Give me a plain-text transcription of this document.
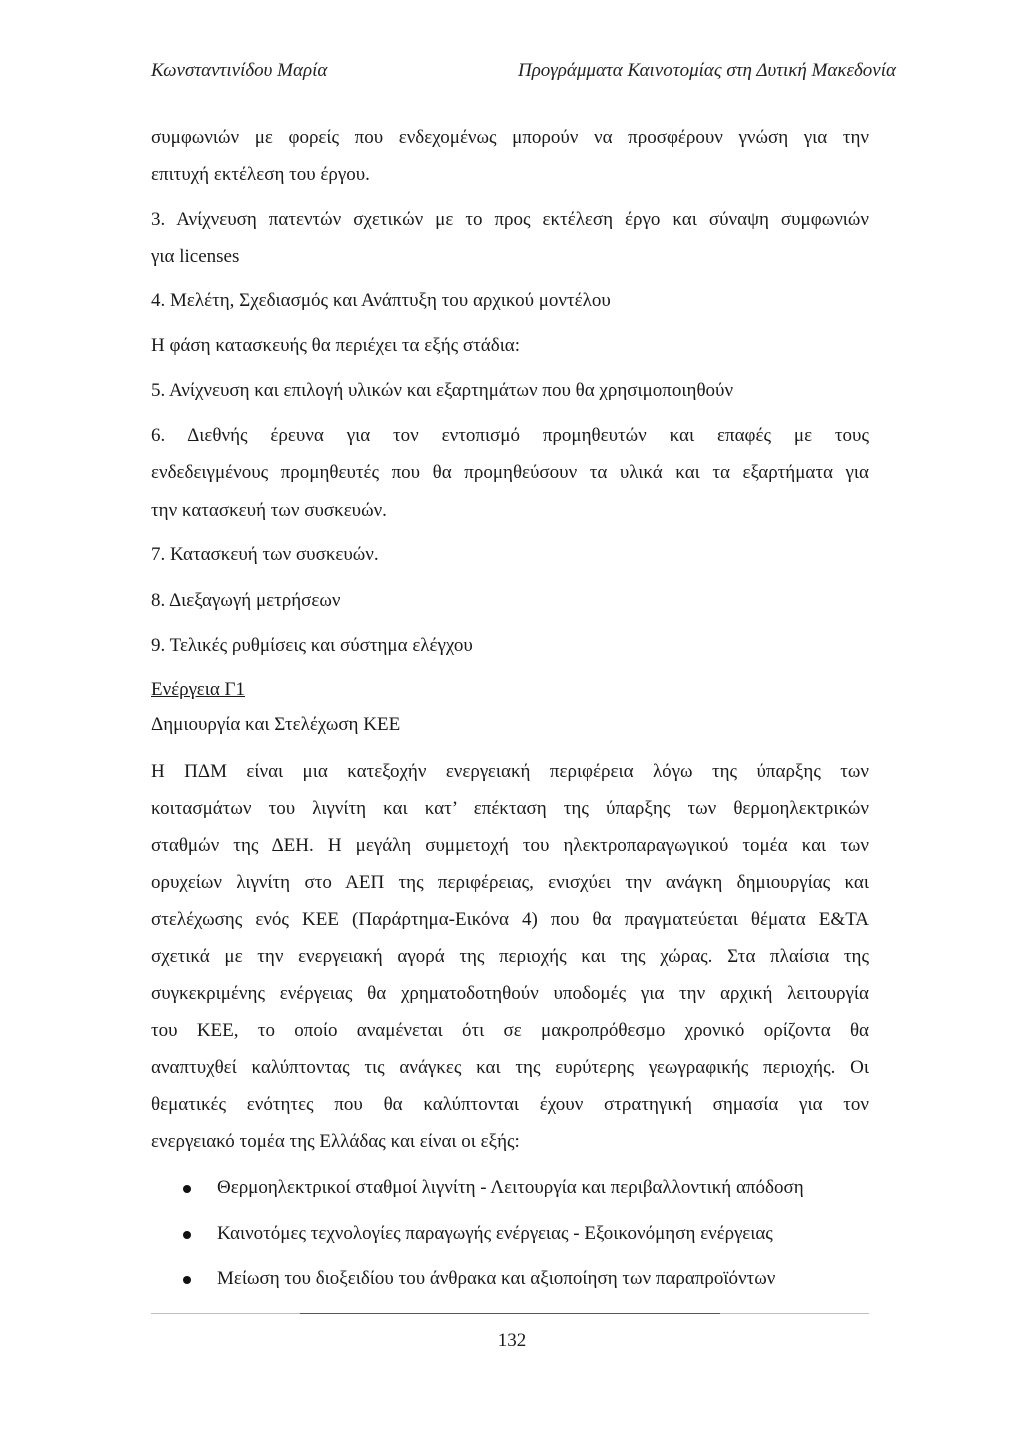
Κωνσταντινίδου Μαρία	Προγράμματα Καινοτομίας στη Δυτική Μακεδονία
συμφωνιών με φορείς που ενδεχομένως μπορούν να προσφέρουν γνώση για την
επιτυχή εκτέλεση του έργου.
3. Ανίχνευση πατεντών σχετικών με το προς εκτέλεση έργο και σύναψη συμφωνιών
για licenses
4. Μελέτη, Σχεδιασμός και Ανάπτυξη του αρχικού μοντέλου
Η φάση κατασκευής θα περιέχει τα εξής στάδια:
5. Ανίχνευση και επιλογή υλικών και εξαρτημάτων που θα χρησιμοποιηθούν
6. Διεθνής έρευνα για τον εντοπισμό προμηθευτών και επαφές με τους
ενδεδειγμένους προμηθευτές που θα προμηθεύσουν τα υλικά και τα εξαρτήματα για
την κατασκευή των συσκευών.
7. Κατασκευή των συσκευών.
8. Διεξαγωγή μετρήσεων
9. Τελικές ρυθμίσεις και σύστημα ελέγχου
Ενέργεια Γ1
Δημιουργία και Στελέχωση ΚΕΕ
Η ΠΔΜ είναι μια κατεξοχήν ενεργειακή περιφέρεια λόγω της ύπαρξης των
κοιτασμάτων του λιγνίτη και κατ’ επέκταση της ύπαρξης των θερμοηλεκτρικών
σταθμών της ΔΕΗ. Η μεγάλη συμμετοχή του ηλεκτροπαραγωγικού τομέα και των
ορυχείων λιγνίτη στο ΑΕΠ της περιφέρειας, ενισχύει την ανάγκη δημιουργίας και
στελέχωσης ενός ΚΕΕ (Παράρτημα-Εικόνα 4) που θα πραγματεύεται θέματα Ε&ΤΑ
σχετικά με την ενεργειακή αγορά της περιοχής και της χώρας. Στα πλαίσια της
συγκεκριμένης ενέργειας θα χρηματοδοτηθούν υποδομές για την αρχική λειτουργία
του ΚΕΕ, το οποίο αναμένεται ότι σε μακροπρόθεσμο χρονικό ορίζοντα θα
αναπτυχθεί καλύπτοντας τις ανάγκες και της ευρύτερης γεωγραφικής περιοχής. Οι
θεματικές ενότητες που θα καλύπτονται έχουν στρατηγική σημασία για τον
ενεργειακό τομέα της Ελλάδας και είναι οι εξής:
Θερμοηλεκτρικοί σταθμοί λιγνίτη - Λειτουργία και περιβαλλοντική απόδοση
Καινοτόμες τεχνολογίες παραγωγής ενέργειας - Εξοικονόμηση ενέργειας
Μείωση του διοξειδίου του άνθρακα και αξιοποίηση των παραπροϊόντων
132
